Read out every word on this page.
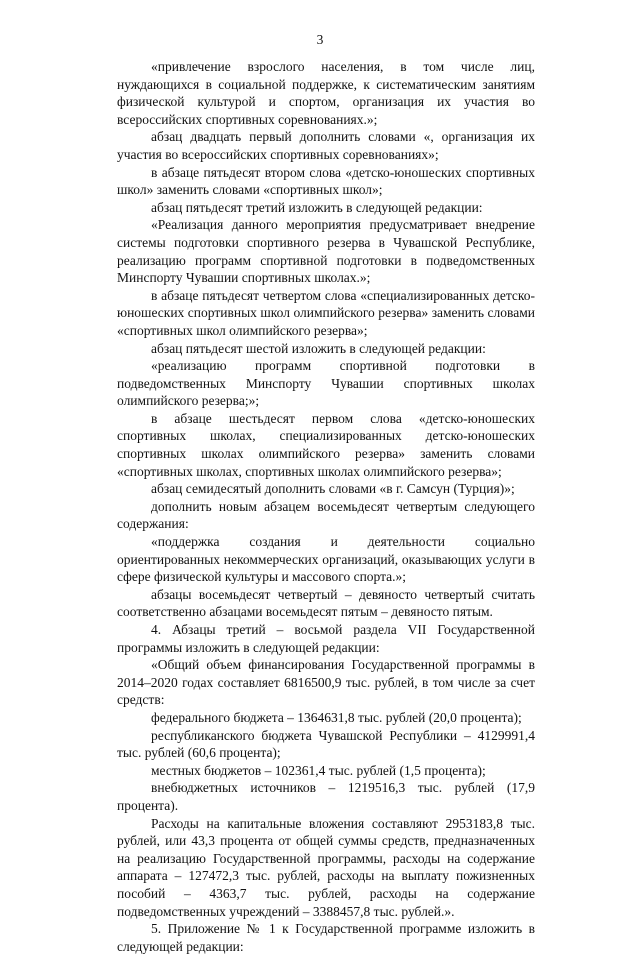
3

«привлечение взрослого населения, в том числе лиц, нуждающихся в социальной поддержке, к систематическим занятиям физической культурой и спортом, организация их участия во всероссийских спортивных соревнованиях.»;

абзац двадцать первый дополнить словами «, организация их участия во всероссийских спортивных соревнованиях»;

в абзаце пятьдесят втором слова «детско-юношеских спортивных школ» заменить словами «спортивных школ»;

абзац пятьдесят третий изложить в следующей редакции:

«Реализация данного мероприятия предусматривает внедрение системы подготовки спортивного резерва в Чувашской Республике, реализацию программ спортивной подготовки в подведомственных Минспорту Чувашии спортивных школах.»;

в абзаце пятьдесят четвертом слова «специализированных детско-юношеских спортивных школ олимпийского резерва» заменить словами «спортивных школ олимпийского резерва»;

абзац пятьдесят шестой изложить в следующей редакции:

«реализацию программ спортивной подготовки в подведомственных Минспорту Чувашии спортивных школах олимпийского резерва;»;

в абзаце шестьдесят первом слова «детско-юношеских спортивных школах, специализированных детско-юношеских спортивных школах олимпийского резерва» заменить словами «спортивных школах, спортивных школах олимпийского резерва»;

абзац семидесятый дополнить словами «в г. Самсун (Турция)»;

дополнить новым абзацем восемьдесят четвертым следующего содержания:

«поддержка создания и деятельности социально ориентированных некоммерческих организаций, оказывающих услуги в сфере физической культуры и массового спорта.»;

абзацы восемьдесят четвертый – девяносто четвертый считать соответственно абзацами восемьдесят пятым – девяносто пятым.

4. Абзацы третий – восьмой раздела VII Государственной программы изложить в следующей редакции:

«Общий объем финансирования Государственной программы в 2014–2020 годах составляет 6816500,9 тыс. рублей, в том числе за счет средств:

федерального бюджета – 1364631,8 тыс. рублей (20,0 процента);

республиканского бюджета Чувашской Республики – 4129991,4 тыс. рублей (60,6 процента);

местных бюджетов – 102361,4 тыс. рублей (1,5 процента);

внебюджетных источников – 1219516,3 тыс. рублей (17,9 процента).

Расходы на капитальные вложения составляют 2953183,8 тыс. рублей, или 43,3 процента от общей суммы средств, предназначенных на реализацию Государственной программы, расходы на содержание аппарата – 127472,3 тыс. рублей, расходы на выплату пожизненных пособий – 4363,7 тыс. рублей, расходы на содержание подведомственных учреждений – 3388457,8 тыс. рублей.».

5. Приложение № 1 к Государственной программе изложить в следующей редакции:
